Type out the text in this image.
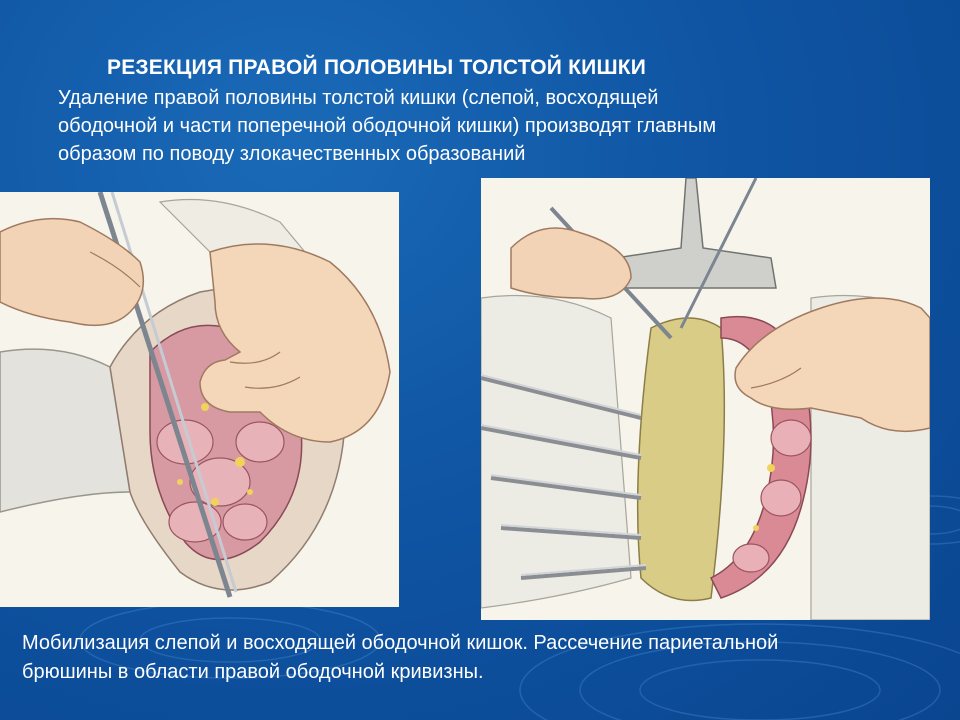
РЕЗЕКЦИЯ ПРАВОЙ ПОЛОВИНЫ ТОЛСТОЙ КИШКИ
Удаление правой половины толстой кишки (слепой, восходящей
ободочной и части поперечной ободочной кишки) производят главным
образом по поводу злокачественных образований
Мобилизация слепой и восходящей ободочной кишок. Рассечение париетальной
брюшины в области правой ободочной кривизны.
